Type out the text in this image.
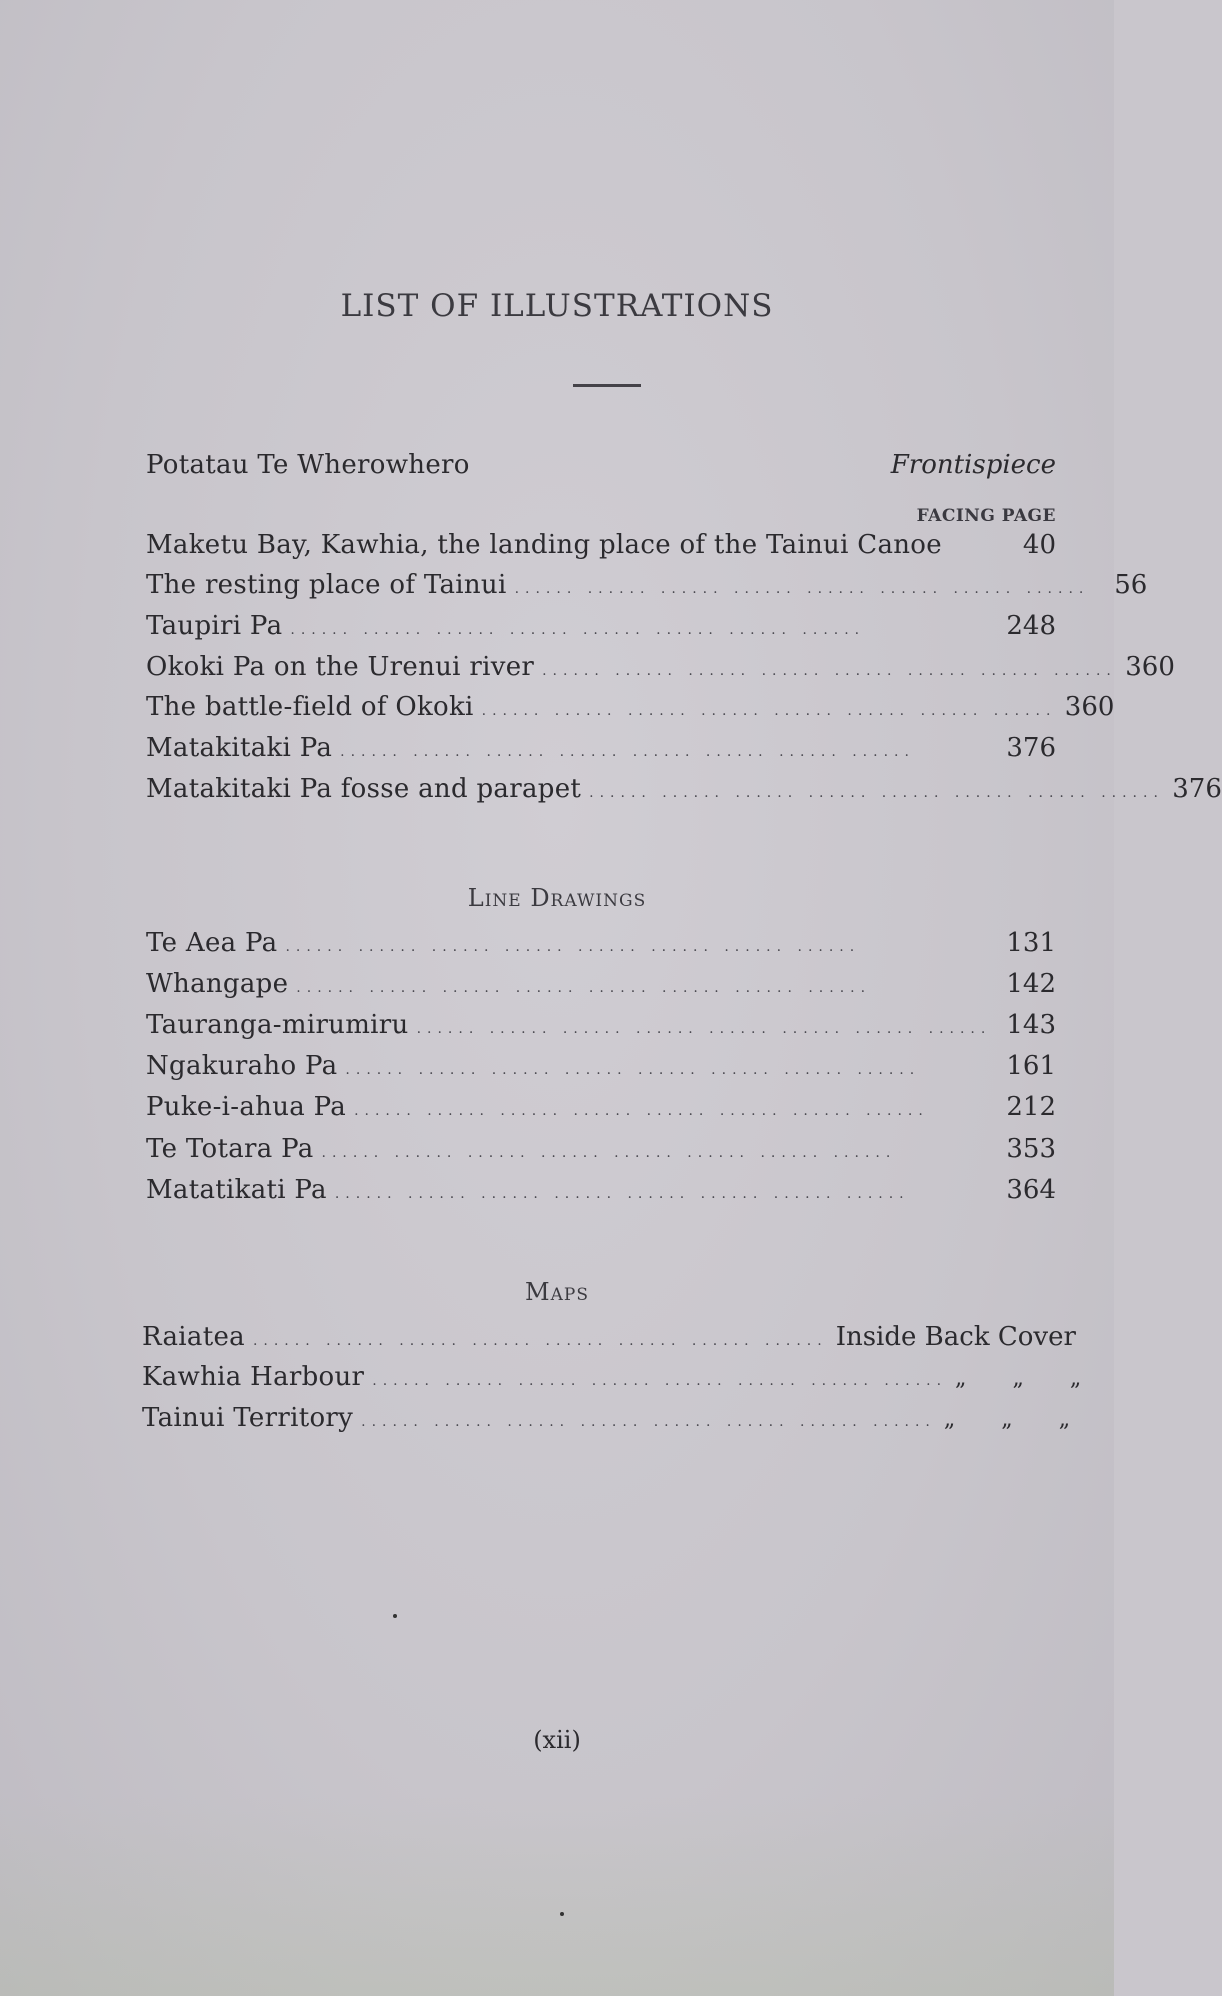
LIST OF ILLUSTRATIONS
Potatau Te Wherowhero	Frontispiece
FACING PAGE
Maketu Bay, Kawhia, the landing place of the Tainui Canoe	40
The resting place of Tainui ...... ...... ...... ...... ...... ...... ...... ...... 56
Taupiri Pa ...... ...... ...... ...... ...... ...... ...... ......	248
Okoki Pa on the Urenui river ...... ...... ...... ...... ...... ...... ...... ...... 360
The battle-field of Okoki ...... ...... ...... ...... ...... ...... ...... ...... 360
Matakitaki Pa ...... ...... ...... ...... ...... ...... ...... ......	376
Matakitaki Pa fosse and parapet ...... ...... ...... ...... ...... ...... ...... ...... 376
Line Drawings
Te Aea Pa ...... ...... ...... ...... ...... ...... ...... ......	131
Whangape ...... ...... ...... ...... ...... ...... ...... ......	142
Tauranga-mirumiru ...... ...... ...... ...... ...... ...... ...... ...... 143
Ngakuraho Pa ...... ...... ...... ...... ...... ...... ...... ......	161
Puke-i-ahua Pa ...... ...... ...... ...... ...... ...... ...... ......	212
Te Totara Pa ...... ...... ...... ...... ...... ...... ...... ......	353
Matatikati Pa ...... ...... ...... ...... ...... ...... ...... ......	364
Maps
Raiatea ...... ...... ...... ...... ...... ...... ...... ...... Inside Back Cover
Kawhia Harbour ...... ...... ...... ...... ...... ...... ...... ...... „ „ „
Tainui Territory ...... ...... ...... ...... ...... ...... ...... ...... „ „ „
(xii)
